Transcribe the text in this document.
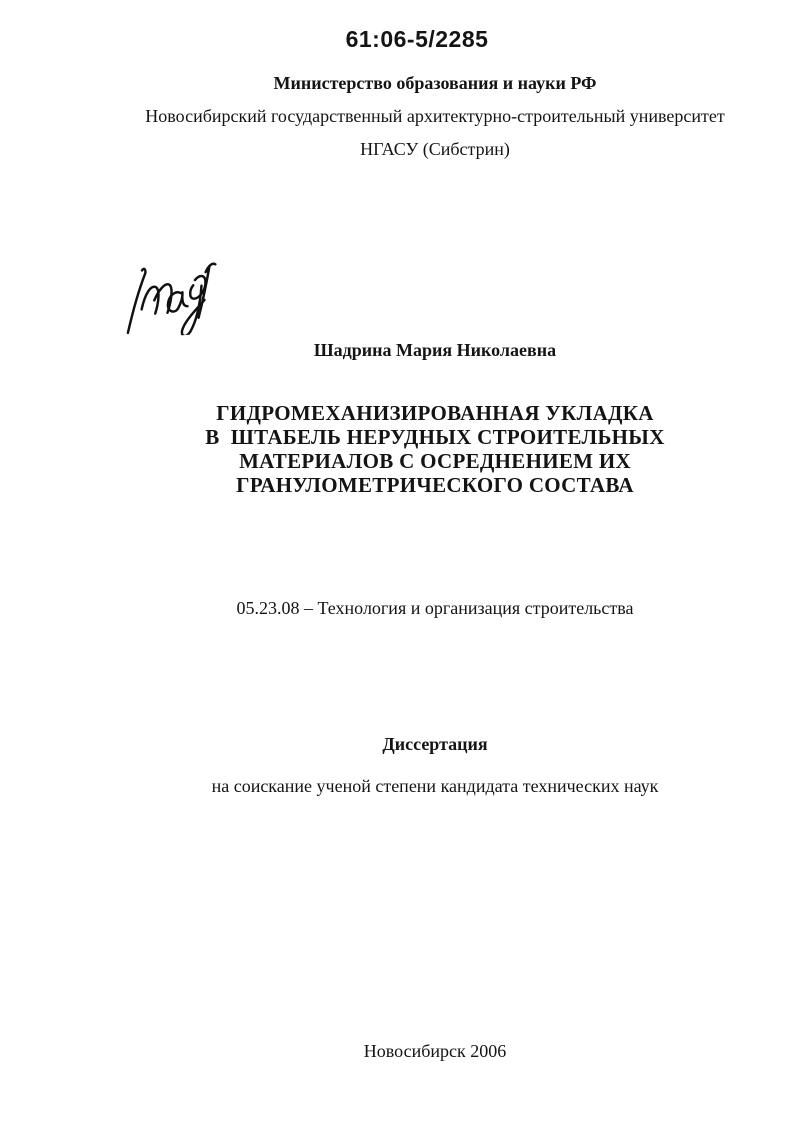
61:06-5/2285
Министерство образования и науки РФ
Новосибирский государственный архитектурно-строительный университет
НГАСУ (Сибстрин)
Шадрина Мария Николаевна
ГИДРОМЕХАНИЗИРОВАННАЯ УКЛАДКА
В  ШТАБЕЛЬ НЕРУДНЫХ СТРОИТЕЛЬНЫХ
МАТЕРИАЛОВ С ОСРЕДНЕНИЕМ ИХ
ГРАНУЛОМЕТРИЧЕСКОГО СОСТАВА
05.23.08 – Технология и организация строительства
Диссертация
на соискание ученой степени кандидата технических наук
Новосибирск 2006
